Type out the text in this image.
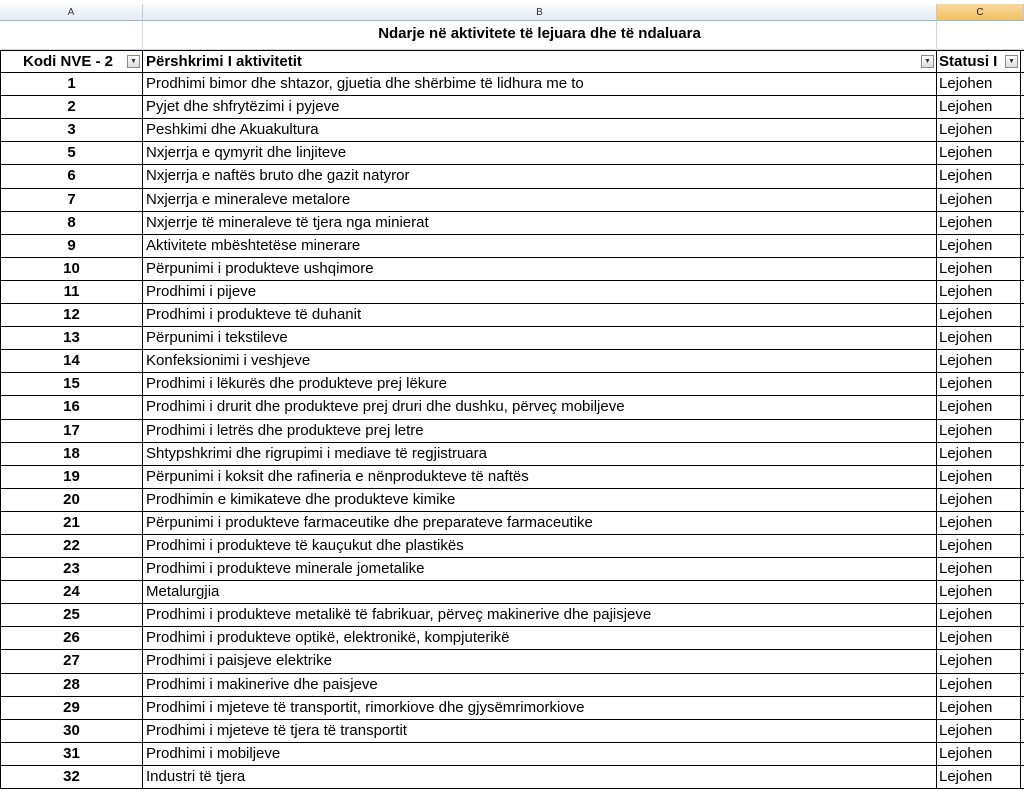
A	B	C
Ndarje në aktivitete të lejuara dhe të ndaluara
Kodi NVE - 2	▼ Përshkrimi I aktivitetit	▼ Statusi I	▼
1	Prodhimi bimor dhe shtazor, gjuetia dhe shërbime të lidhura me to	Lejohen
2	Pyjet dhe shfrytëzimi i pyjeve	Lejohen
3	Peshkimi dhe Akuakultura	Lejohen
5	Nxjerrja e qymyrit dhe linjiteve	Lejohen
6	Nxjerrja e naftës bruto dhe gazit natyror	Lejohen
7	Nxjerrja e mineraleve metalore	Lejohen
8	Nxjerrje të mineraleve të tjera nga minierat	Lejohen
9	Aktivitete mbështetëse minerare	Lejohen
10	Përpunimi i produkteve ushqimore	Lejohen
11	Prodhimi i pijeve	Lejohen
12	Prodhimi i produkteve të duhanit	Lejohen
13	Përpunimi i tekstileve	Lejohen
14	Konfeksionimi i veshjeve	Lejohen
15	Prodhimi i lëkurës dhe produkteve prej lëkure	Lejohen
16	Prodhimi i drurit dhe produkteve prej druri dhe dushku, përveç mobiljeve	Lejohen
17	Prodhimi i letrës dhe produkteve prej letre	Lejohen
18	Shtypshkrimi dhe rigrupimi i mediave të regjistruara	Lejohen
19	Përpunimi i koksit dhe rafineria e nënprodukteve të naftës	Lejohen
20	Prodhimin e kimikateve dhe produkteve kimike	Lejohen
21	Përpunimi i produkteve farmaceutike dhe preparateve farmaceutike	Lejohen
22	Prodhimi i produkteve të kauçukut dhe plastikës	Lejohen
23	Prodhimi i produkteve minerale jometalike	Lejohen
24	Metalurgjia	Lejohen
25	Prodhimi i produkteve metalikë të fabrikuar, përveç makinerive dhe pajisjeve	Lejohen
26	Prodhimi i produkteve optikë, elektronikë, kompjuterikë	Lejohen
27	Prodhimi i paisjeve elektrike	Lejohen
28	Prodhimi i makinerive dhe paisjeve	Lejohen
29	Prodhimi i mjeteve të transportit, rimorkiove dhe gjysëmrimorkiove	Lejohen
30	Prodhimi i mjeteve të tjera të transportit	Lejohen
31	Prodhimi i mobiljeve	Lejohen
32	Industri të tjera	Lejohen
